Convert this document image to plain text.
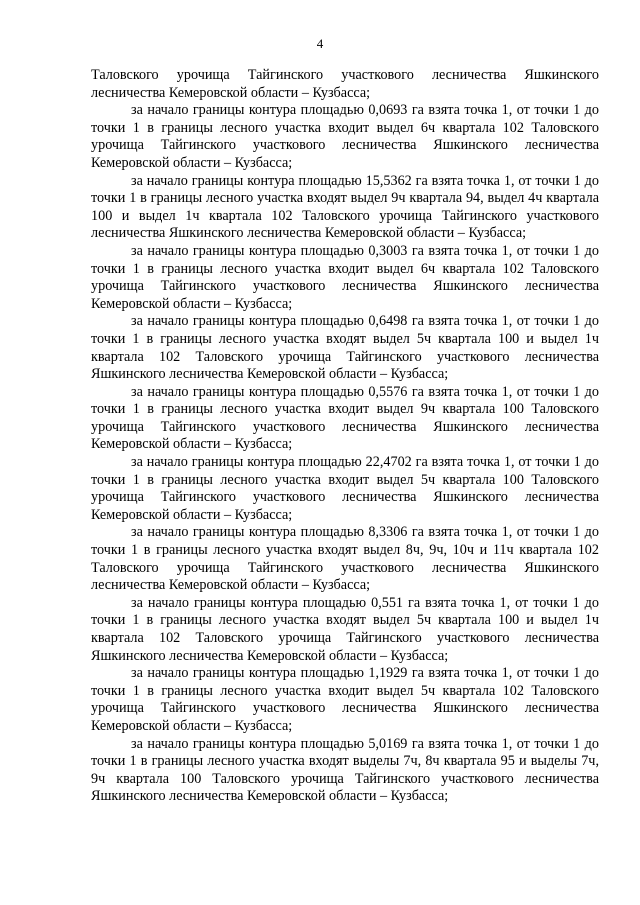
4

Таловского урочища Тайгинского участкового лесничества Яшкинского лесничества Кемеровской области – Кузбасса;

за начало границы контура площадью 0,0693 га взята точка 1, от точки 1 до точки 1 в границы лесного участка входит выдел 6ч квартала 102 Таловского урочища Тайгинского участкового лесничества Яшкинского лесничества Кемеровской области – Кузбасса;

за начало границы контура площадью 15,5362 га взята точка 1, от точки 1 до точки 1 в границы лесного участка входят выдел 9ч квартала 94, выдел 4ч квартала 100 и выдел 1ч квартала 102 Таловского урочища Тайгинского участкового лесничества Яшкинского лесничества Кемеровской области – Кузбасса;

за начало границы контура площадью 0,3003 га взята точка 1, от точки 1 до точки 1 в границы лесного участка входит выдел 6ч квартала 102 Таловского урочища Тайгинского участкового лесничества Яшкинского лесничества Кемеровской области – Кузбасса;

за начало границы контура площадью 0,6498 га взята точка 1, от точки 1 до точки 1 в границы лесного участка входят выдел 5ч квартала 100 и выдел 1ч квартала 102 Таловского урочища Тайгинского участкового лесничества Яшкинского лесничества Кемеровской области – Кузбасса;

за начало границы контура площадью 0,5576 га взята точка 1, от точки 1 до точки 1 в границы лесного участка входит выдел 9ч квартала 100 Таловского урочища Тайгинского участкового лесничества Яшкинского лесничества Кемеровской области – Кузбасса;

за начало границы контура площадью 22,4702 га взята точка 1, от точки 1 до точки 1 в границы лесного участка входит выдел 5ч квартала 100 Таловского урочища Тайгинского участкового лесничества Яшкинского лесничества Кемеровской области – Кузбасса;

за начало границы контура площадью 8,3306 га взята точка 1, от точки 1 до точки 1 в границы лесного участка входят выдел 8ч, 9ч, 10ч и 11ч квартала 102 Таловского урочища Тайгинского участкового лесничества Яшкинского лесничества Кемеровской области – Кузбасса;

за начало границы контура площадью 0,551 га взята точка 1, от точки 1 до точки 1 в границы лесного участка входят выдел 5ч квартала 100 и выдел 1ч квартала 102 Таловского урочища Тайгинского участкового лесничества Яшкинского лесничества Кемеровской области – Кузбасса;

за начало границы контура площадью 1,1929 га взята точка 1, от точки 1 до точки 1 в границы лесного участка входит выдел 5ч квартала 102 Таловского урочища Тайгинского участкового лесничества Яшкинского лесничества Кемеровской области – Кузбасса;

за начало границы контура площадью 5,0169 га взята точка 1, от точки 1 до точки 1 в границы лесного участка входят выделы 7ч, 8ч квартала 95 и выделы 7ч, 9ч квартала 100 Таловского урочища Тайгинского участкового лесничества Яшкинского лесничества Кемеровской области – Кузбасса;
